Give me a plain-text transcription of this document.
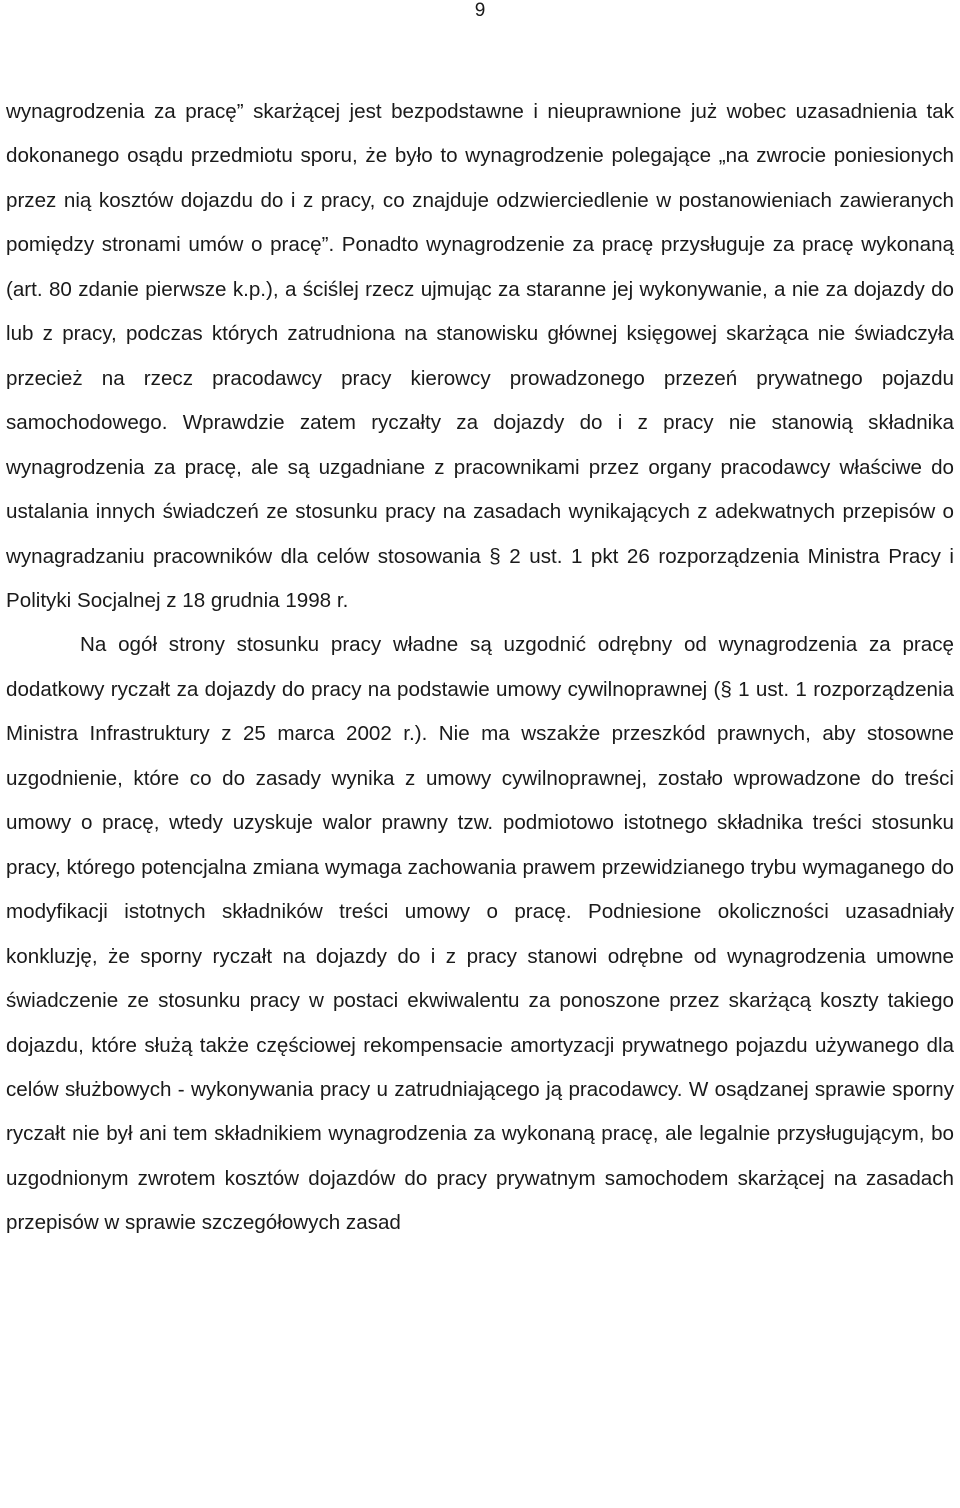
9

wynagrodzenia za pracę” skarżącej jest bezpodstawne i nieuprawnione już wobec uzasadnienia tak dokonanego osądu przedmiotu sporu, że było to wynagrodzenie polegające „na zwrocie poniesionych przez nią kosztów dojazdu do i z pracy, co znajduje odzwierciedlenie w postanowieniach zawieranych pomiędzy stronami umów o pracę”. Ponadto wynagrodzenie za pracę przysługuje za pracę wykonaną (art. 80 zdanie pierwsze k.p.), a ściślej rzecz ujmując za staranne jej wykonywanie, a nie za dojazdy do lub z pracy, podczas których zatrudniona na stanowisku głównej księgowej skarżąca nie świadczyła przecież na rzecz pracodawcy pracy kierowcy prowadzonego przezeń prywatnego pojazdu samochodowego. Wprawdzie zatem ryczałty za dojazdy do i z pracy nie stanowią składnika wynagrodzenia za pracę, ale są uzgadniane z pracownikami przez organy pracodawcy właściwe do ustalania innych świadczeń ze stosunku pracy na zasadach wynikających z adekwatnych przepisów o wynagradzaniu pracowników dla celów stosowania § 2 ust. 1 pkt 26 rozporządzenia Ministra Pracy i Polityki Socjalnej z 18 grudnia 1998 r.

Na ogół strony stosunku pracy władne są uzgodnić odrębny od wynagrodzenia za pracę dodatkowy ryczałt za dojazdy do pracy na podstawie umowy cywilnoprawnej (§ 1 ust. 1 rozporządzenia Ministra Infrastruktury z 25 marca 2002 r.). Nie ma wszakże przeszkód prawnych, aby stosowne uzgodnienie, które co do zasady wynika z umowy cywilnoprawnej, zostało wprowadzone do treści umowy o pracę, wtedy uzyskuje walor prawny tzw. podmiotowo istotnego składnika treści stosunku pracy, którego potencjalna zmiana wymaga zachowania prawem przewidzianego trybu wymaganego do modyfikacji istotnych składników treści umowy o pracę. Podniesione okoliczności uzasadniały konkluzję, że sporny ryczałt na dojazdy do i z pracy stanowi odrębne od wynagrodzenia umowne świadczenie ze stosunku pracy w postaci ekwiwalentu za ponoszone przez skarżącą koszty takiego dojazdu, które służą także częściowej rekompensacie amortyzacji prywatnego pojazdu używanego dla celów służbowych - wykonywania pracy u zatrudniającego ją pracodawcy. W osądzanej sprawie sporny ryczałt nie był ani tem składnikiem wynagrodzenia za wykonaną pracę, ale legalnie przysługującym, bo uzgodnionym zwrotem kosztów dojazdów do pracy prywatnym samochodem skarżącej na zasadach przepisów w sprawie szczegółowych zasad
